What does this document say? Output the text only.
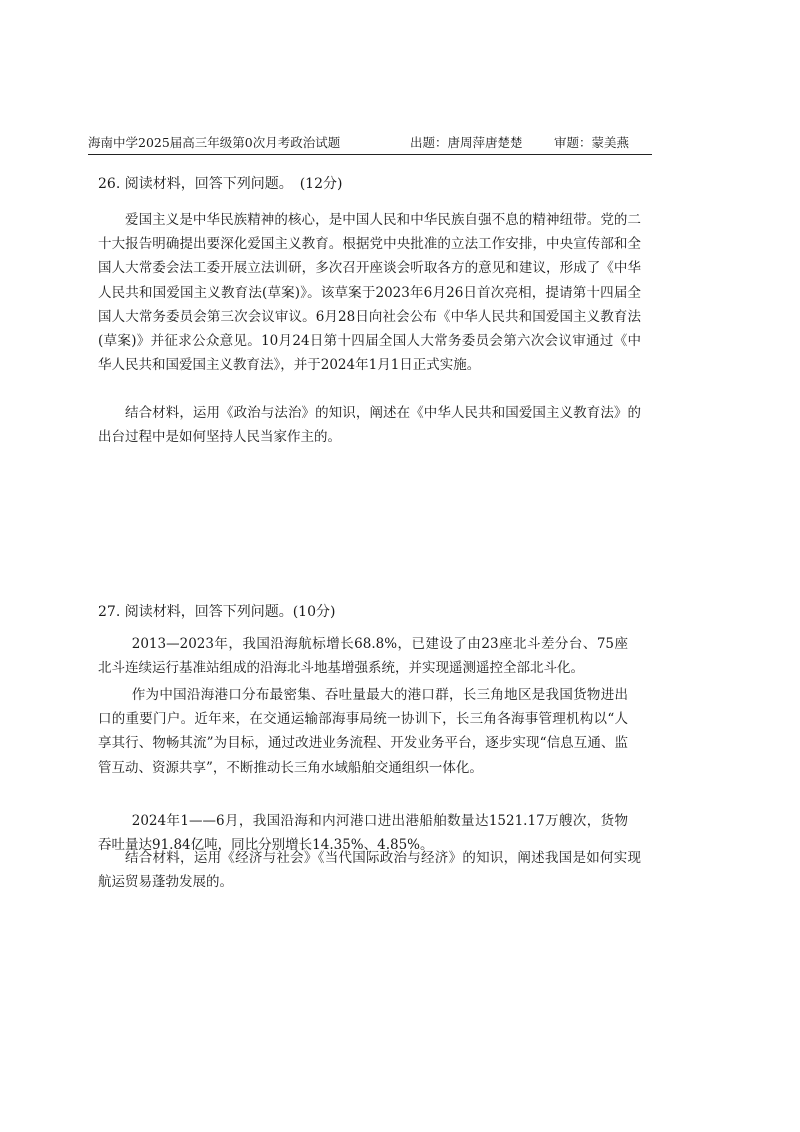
海南中学2025届高三年级第0次月考政治试题	出题：唐周萍唐楚楚	审题：蒙美燕
26. 阅读材料，回答下列问题。　(12分)

爱国主义是中华民族精神的核心，是中国人民和中华民族自强不息的精神纽带。党的二十大报告明确提出要深化爱国主义教育。根据党中央批准的立法工作安排，中央宣传部和全国人大常委会法工委开展立法训研，多次召开座谈会听取各方的意见和建议，形成了《中华人民共和国爱国主义教育法(草案)》。该草案于2023年6月26日首次亮相，提请第十四届全国人大常务委员会第三次会议审议。6月28日向社会公布《中华人民共和国爱国主义教育法(草案)》并征求公众意见。10月24日第十四届全国人大常务委员会第六次会议审通过《中华人民共和国爱国主义教育法》，并于2024年1月1日正式实施。

结合材料，运用《政治与法治》的知识，阐述在《中华人民共和国爱国主义教育法》的出台过程中是如何坚持人民当家作主的。

27. 阅读材料，回答下列问题。(10分)

2013—2023年，我国沿海航标增长68.8%，已建设了由23座北斗差分台、75座北斗连续运行基准站组成的沿海北斗地基增强系统，并实现遥测遥控全部北斗化。

作为中国沿海港口分布最密集、吞吐量最大的港口群，长三角地区是我国货物进出口的重要门户。近年来，在交通运输部海事局统一协训下，长三角各海事管理机构以“人享其行、物畅其流”为目标，通过改进业务流程、开发业务平台，逐步实现“信息互通、监管互动、资源共享”，不断推动长三角水域船舶交通组织一体化。

2024年1——6月，我国沿海和内河港口进出港船舶数量达1521.17万艘次，货物吞吐量达91.84亿吨，同比分别增长14.35%、4.85%。

结合材料，运用《经济与社会》《当代国际政治与经济》的知识，阐述我国是如何实现航运贸易蓬勃发展的。
